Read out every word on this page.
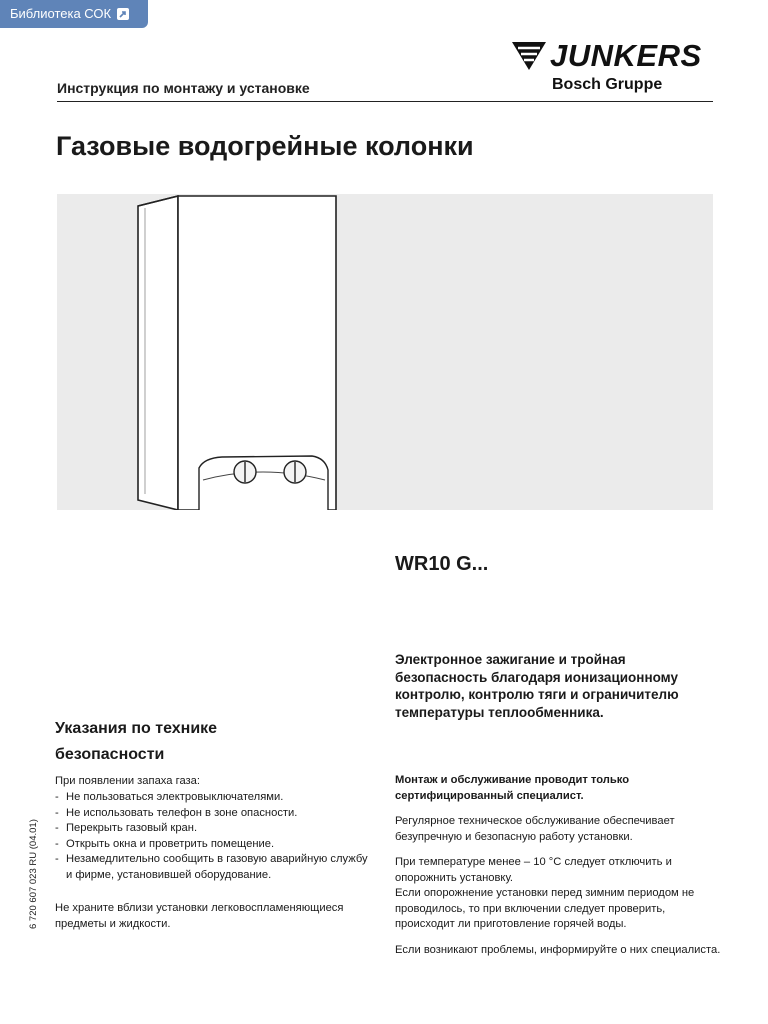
Библиотека СОК
JUNKERS
Bosch Gruppe
Инструкция по монтажу и установке
Газовые водогрейные колонки
WR10 G...
Электронное зажигание и тройная безопасность благодаря ионизационному контролю, контролю тяги и ограничителю температуры теплообменника.
Указания по технике безопасности
При появлении запаха газа:
- Не пользоваться электровыключателями.
- Не использовать телефон в зоне опасности.
- Перекрыть газовый кран.
- Открыть окна и проветрить помещение.
- Незамедлительно сообщить в газовую аварийную службу и фирме, установившей оборудование.
Не храните вблизи установки легковоспламеняющиеся предметы и жидкости.

Монтаж и обслуживание проводит только сертифицированный специалист.

Регулярное техническое обслуживание обеспечивает безупречную и безопасную работу установки.

При температуре менее – 10 °C следует отключить и опорожнить установку.

Если опорожнение установки перед зимним периодом не проводилось, то при включении следует проверить, происходит ли приготовление горячей воды.

Если возникают проблемы, информируйте о них специалиста.

6 720 607 023 RU (04.01)
